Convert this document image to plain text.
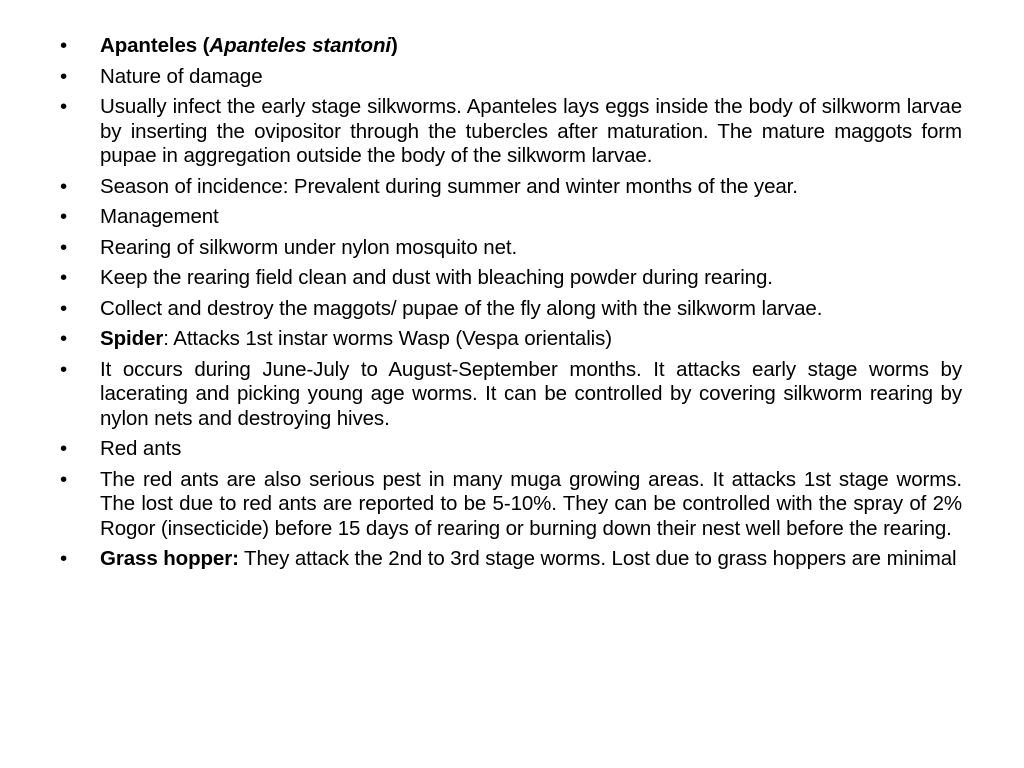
•	Apanteles (Apanteles stantoni)
•	Nature of damage
•	Usually infect the early stage silkworms. Apanteles lays eggs inside the body of silkworm larvae by inserting the ovipositor through the tubercles after maturation. The mature maggots form pupae in aggregation outside the body of the silkworm larvae.
•	Season of incidence: Prevalent during summer and winter months of the year.
•	Management
•	Rearing of silkworm under nylon mosquito net.
•	Keep the rearing field clean and dust with bleaching powder during rearing.
•	Collect and destroy the maggots/ pupae of the fly along with the silkworm larvae.
•	Spider: Attacks 1st instar worms Wasp (Vespa orientalis)
•	It occurs during June-July to August-September months. It attacks early stage worms by lacerating and picking young age worms. It can be controlled by covering silkworm rearing by nylon nets and destroying hives.
•	Red ants
•	The red ants are also serious pest in many muga growing areas. It attacks 1st stage worms. The lost due to red ants are reported to be 5-10%. They can be controlled with the spray of 2% Rogor (insecticide) before 15 days of rearing or burning down their nest well before the rearing.
•	Grass hopper: They attack the 2nd to 3rd stage worms. Lost due to grass hoppers are minimal
